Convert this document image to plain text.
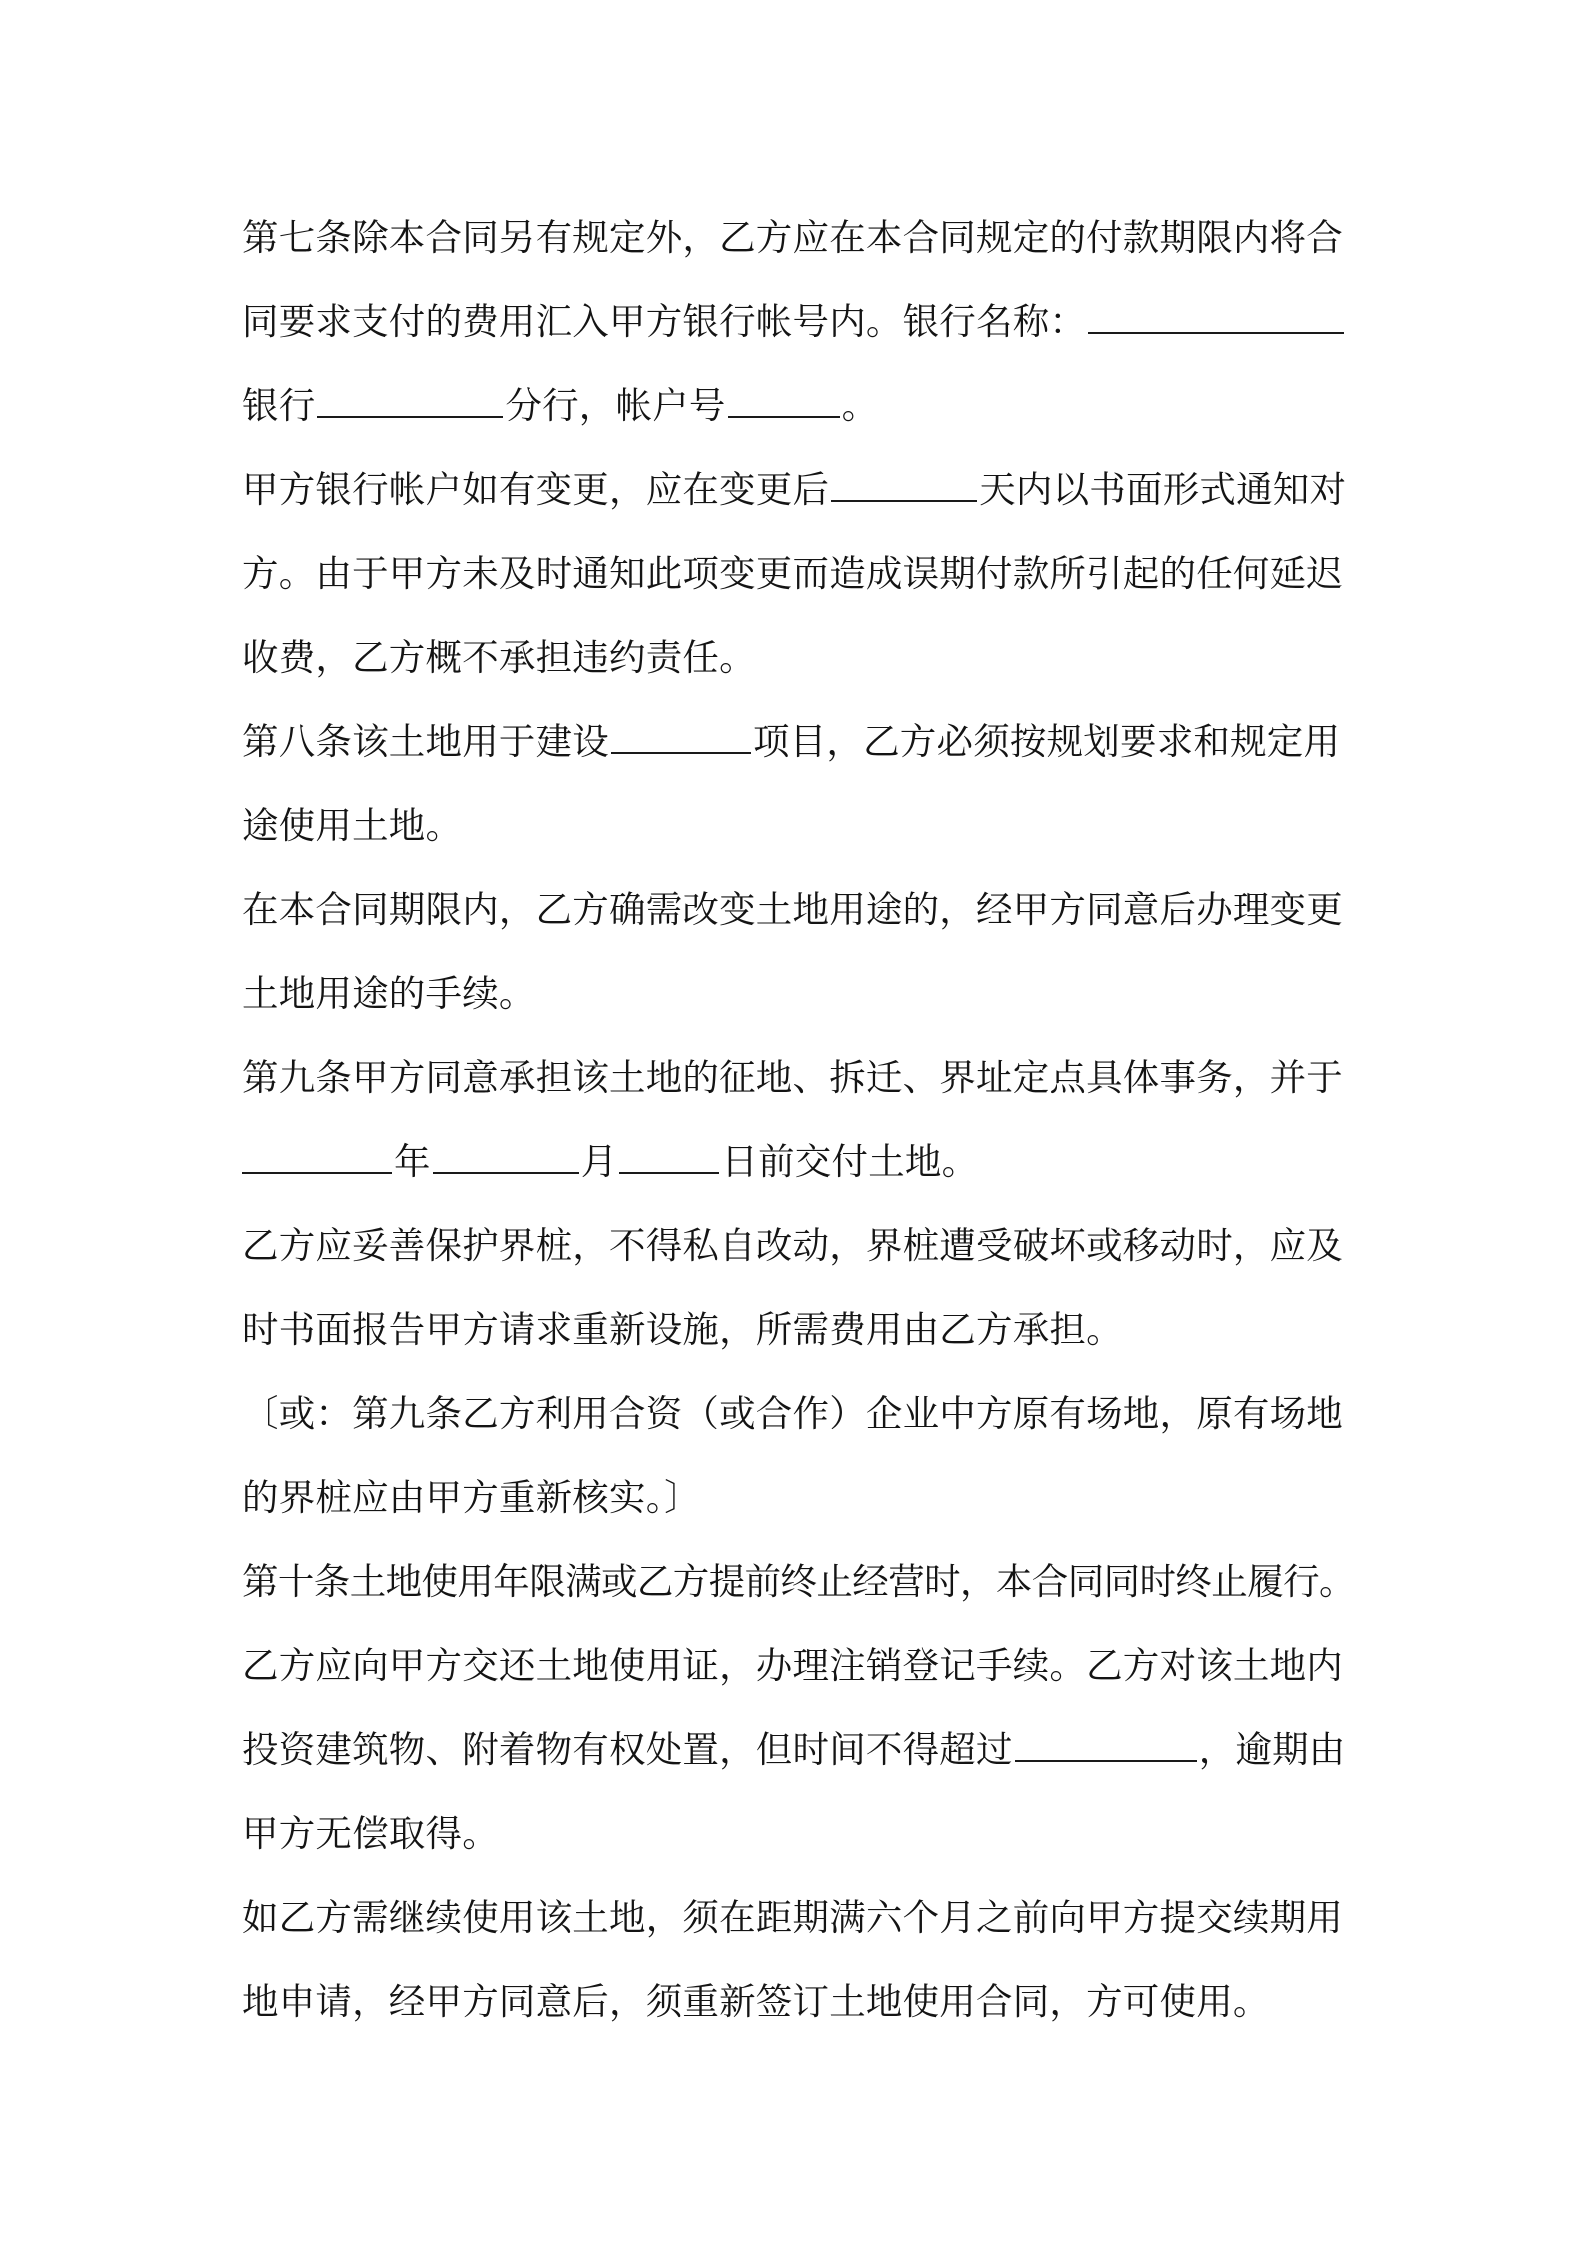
第七条除本合同另有规定外，乙方应在本合同规定的付款期限内将合
同要求支付的费用汇入甲方银行帐号内。银行名称：
银行	分行，帐户号	。
甲方银行帐户如有变更，应在变更后	天内以书面形式通知对
方。由于甲方未及时通知此项变更而造成误期付款所引起的任何延迟
收费，乙方概不承担违约责任。
第八条该土地用于建设	项目，乙方必须按规划要求和规定用
途使用土地。
在本合同期限内，乙方确需改变土地用途的，经甲方同意后办理变更
土地用途的手续。
第九条甲方同意承担该土地的征地、拆迁、界址定点具体事务，并于
年	月	日前交付土地。
乙方应妥善保护界桩，不得私自改动，界桩遭受破坏或移动时，应及
时书面报告甲方请求重新设施，所需费用由乙方承担。
〔或：第九条乙方利用合资（或合作）企业中方原有场地，原有场地
的界桩应由甲方重新核实。〕
第十条土地使用年限满或乙方提前终止经营时，本合同同时终止履行。
乙方应向甲方交还土地使用证，办理注销登记手续。乙方对该土地内
投资建筑物、附着物有权处置，但时间不得超过	，逾期由
甲方无偿取得。
如乙方需继续使用该土地，须在距期满六个月之前向甲方提交续期用
地申请，经甲方同意后，须重新签订土地使用合同，方可使用。
